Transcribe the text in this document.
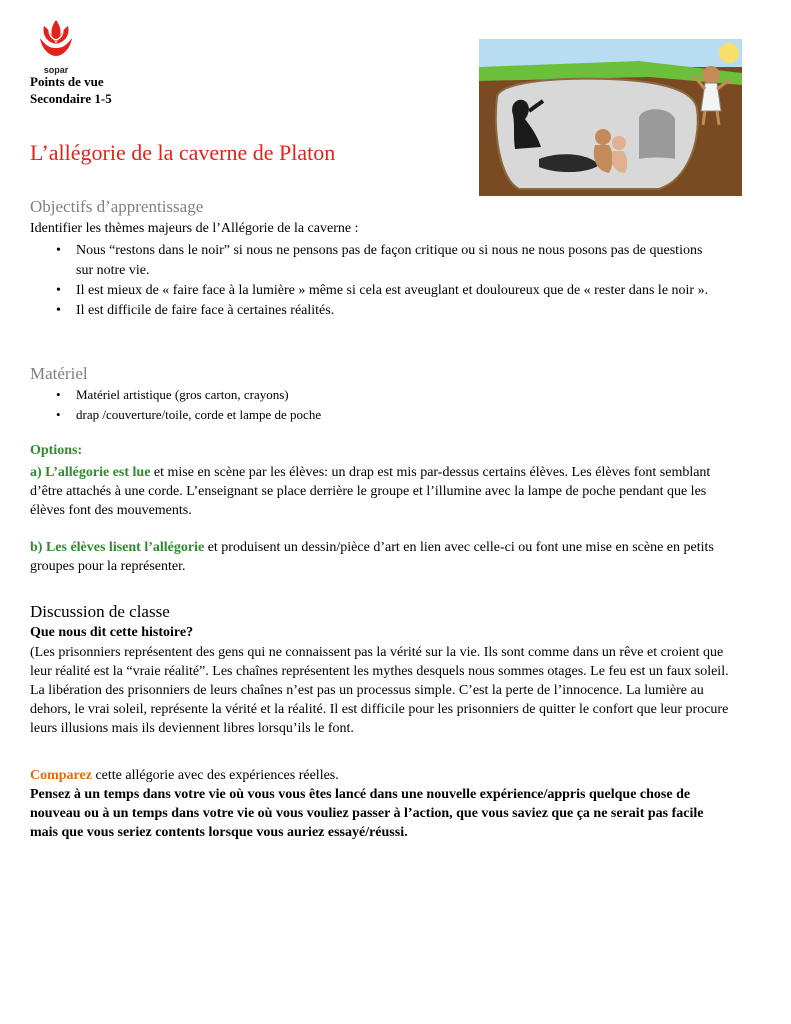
sopar
Points de vue
Secondaire 1-5
L’allégorie de la caverne de Platon
Objectifs d’apprentissage
Identifier les thèmes majeurs de l’Allégorie de la caverne :
• Nous “restons dans le noir” si nous ne pensons pas de façon critique ou si nous ne nous posons pas de questions sur notre vie.
• Il est mieux de « faire face à la lumière » même si cela est aveuglant et douloureux que de « rester dans le noir ».
• Il est difficile de faire face à certaines réalités.
Matériel
• Matériel artistique (gros carton, crayons)
• drap /couverture/toile, corde et lampe de poche
Options:
a) L’allégorie est lue et mise en scène par les élèves: un drap est mis par-dessus certains élèves. Les élèves font semblant d’être attachés à une corde. L’enseignant se place derrière le groupe et l’illumine avec la lampe de poche pendant que les élèves font des mouvements.
b) Les élèves lisent l’allégorie et produisent un dessin/pièce d’art en lien avec celle-ci ou font une mise en scène en petits groupes pour la représenter.
Discussion de classe
Que nous dit cette histoire?
(Les prisonniers représentent des gens qui ne connaissent pas la vérité sur la vie. Ils sont comme dans un rêve et croient que leur réalité est la “vraie réalité”. Les chaînes représentent les mythes desquels nous sommes otages. Le feu est un faux soleil. La libération des prisonniers de leurs chaînes n’est pas un processus simple. C’est la perte de l’innocence. La lumière au dehors, le vrai soleil, représente la vérité et la réalité. Il est difficile pour les prisonniers de quitter le confort que leur procure leurs illusions mais ils deviennent libres lorsqu’ils le font.
Comparez cette allégorie avec des expériences réelles.
Pensez à un temps dans votre vie où vous vous êtes lancé dans une nouvelle expérience/appris quelque chose de nouveau ou à un temps dans votre vie où vous vouliez passer à l’action, que vous saviez que ça ne serait pas facile mais que vous seriez contents lorsque vous auriez essayé/réussi.
